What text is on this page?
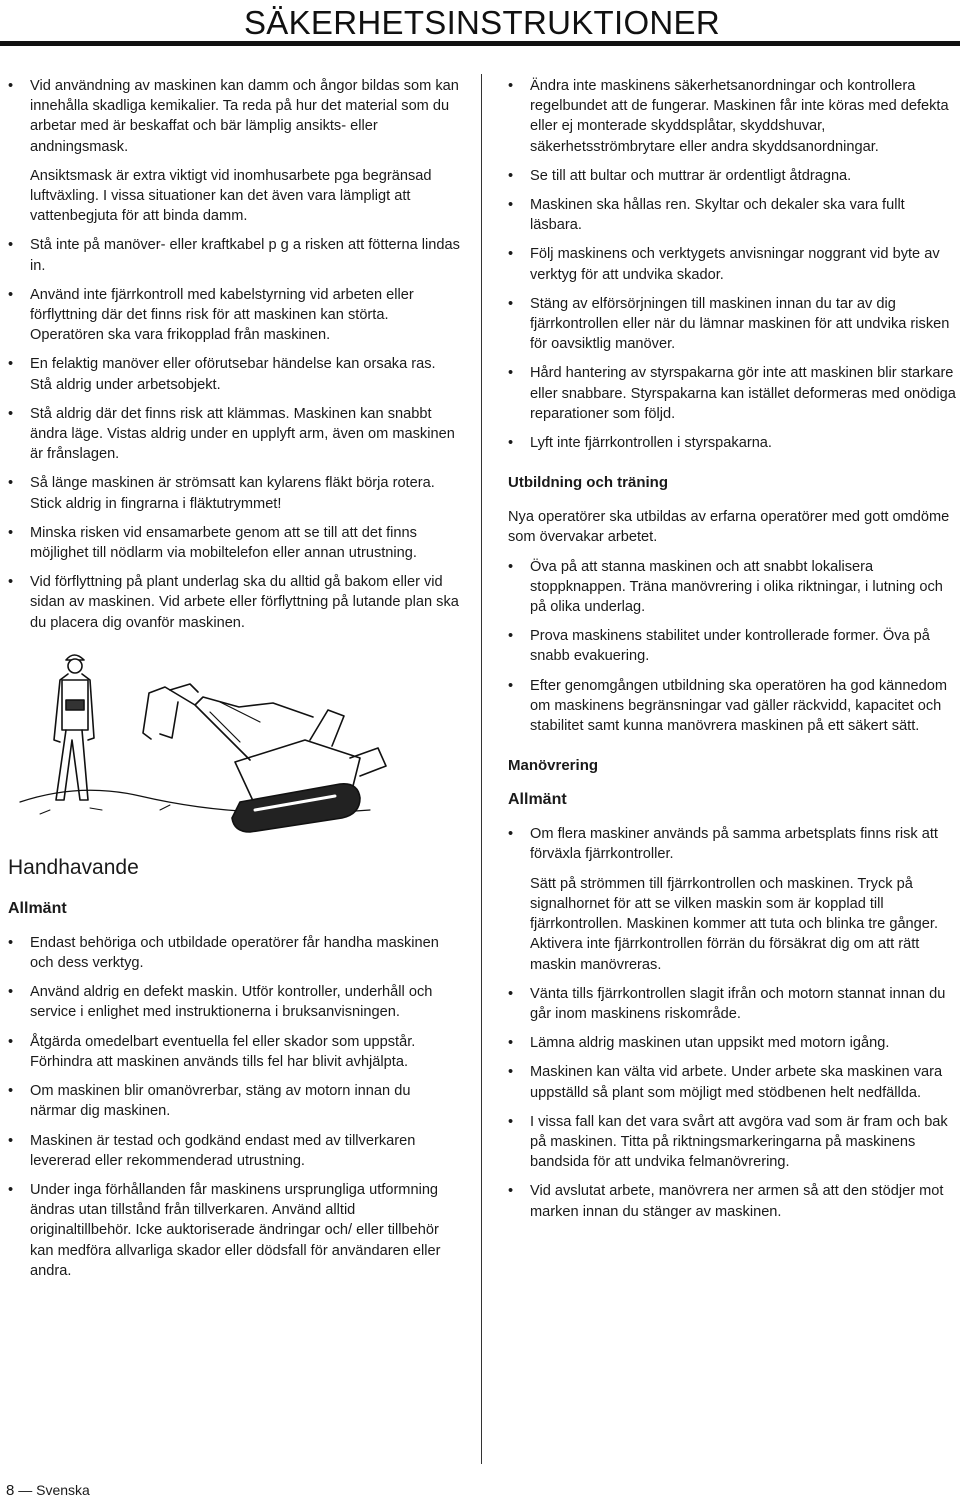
SÄKERHETSINSTRUKTIONER
• Vid användning av maskinen kan damm och ångor bildas som kan innehålla skadliga kemikalier. Ta reda på hur det material som du arbetar med är beskaffat och bär lämplig ansikts- eller andningsmask.
Ansiktsmask är extra viktigt vid inomhusarbete pga begränsad luftväxling. I vissa situationer kan det även vara lämpligt att vattenbegjuta för att binda damm.
• Stå inte på manöver- eller kraftkabel p g a risken att fötterna lindas in.
• Använd inte fjärrkontroll med kabelstyrning vid arbeten eller förflyttning där det finns risk för att maskinen kan störta. Operatören ska vara frikopplad från maskinen.
• En felaktig manöver eller oförutsebar händelse kan orsaka ras. Stå aldrig under arbetsobjekt.
• Stå aldrig där det finns risk att klämmas. Maskinen kan snabbt ändra läge. Vistas aldrig under en upplyft arm, även om maskinen är frånslagen.
• Så länge maskinen är strömsatt kan kylarens fläkt börja rotera. Stick aldrig in fingrarna i fläktutrymmet!
• Minska risken vid ensamarbete genom att se till att det finns möjlighet till nödlarm via mobiltelefon eller annan utrustning.
• Vid förflyttning på plant underlag ska du alltid gå bakom eller vid sidan av maskinen. Vid arbete eller förflyttning på lutande plan ska du placera dig ovanför maskinen.
Handhavande
Allmänt
• Endast behöriga och utbildade operatörer får handha maskinen och dess verktyg.
• Använd aldrig en defekt maskin. Utför kontroller, underhåll och service i enlighet med instruktionerna i bruksanvisningen.
• Åtgärda omedelbart eventuella fel eller skador som uppstår. Förhindra att maskinen används tills fel har blivit avhjälpta.
• Om maskinen blir omanövrerbar, stäng av motorn innan du närmar dig maskinen.
• Maskinen är testad och godkänd endast med av tillverkaren levererad eller rekommenderad utrustning.
• Under inga förhållanden får maskinens ursprungliga utformning ändras utan tillstånd från tillverkaren. Använd alltid originaltillbehör. Icke auktoriserade ändringar och/ eller tillbehör kan medföra allvarliga skador eller dödsfall för användaren eller andra.
• Ändra inte maskinens säkerhetsanordningar och kontrollera regelbundet att de fungerar. Maskinen får inte köras med defekta eller ej monterade skyddsplåtar, skyddshuvar, säkerhetsströmbrytare eller andra skyddsanordningar.
• Se till att bultar och muttrar är ordentligt åtdragna.
• Maskinen ska hållas ren. Skyltar och dekaler ska vara fullt läsbara.
• Följ maskinens och verktygets anvisningar noggrant vid byte av verktyg för att undvika skador.
• Stäng av elförsörjningen till maskinen innan du tar av dig fjärrkontrollen eller när du lämnar maskinen för att undvika risken för oavsiktlig manöver.
• Hård hantering av styrspakarna gör inte att maskinen blir starkare eller snabbare. Styrspakarna kan istället deformeras med onödiga reparationer som följd.
• Lyft inte fjärrkontrollen i styrspakarna.
Utbildning och träning
Nya operatörer ska utbildas av erfarna operatörer med gott omdöme som övervakar arbetet.
• Öva på att stanna maskinen och att snabbt lokalisera stoppknappen. Träna manövrering i olika riktningar, i lutning och på olika underlag.
• Prova maskinens stabilitet under kontrollerade former. Öva på snabb evakuering.
• Efter genomgången utbildning ska operatören ha god kännedom om maskinens begränsningar vad gäller räckvidd, kapacitet och stabilitet samt kunna manövrera maskinen på ett säkert sätt.
Manövrering
Allmänt
• Om flera maskiner används på samma arbetsplats finns risk att förväxla fjärrkontroller.
Sätt på strömmen till fjärrkontrollen och maskinen. Tryck på signalhornet för att se vilken maskin som är kopplad till fjärrkontrollen. Maskinen kommer att tuta och blinka tre gånger. Aktivera inte fjärrkontrollen förrän du försäkrat dig om att rätt maskin manövreras.
• Vänta tills fjärrkontrollen slagit ifrån och motorn stannat innan du går inom maskinens riskområde.
• Lämna aldrig maskinen utan uppsikt med motorn igång.
• Maskinen kan välta vid arbete. Under arbete ska maskinen vara uppställd så plant som möjligt med stödbenen helt nedfällda.
• I vissa fall kan det vara svårt att avgöra vad som är fram och bak på maskinen. Titta på riktningsmarkeringarna på maskinens bandsida för att undvika felmanövrering.
• Vid avslutat arbete, manövrera ner armen så att den stödjer mot marken innan du stänger av maskinen.
8 — Svenska
